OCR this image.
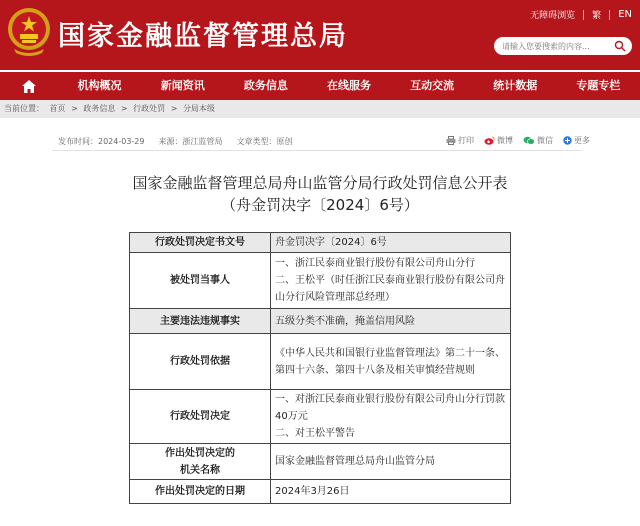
国家金融监督管理总局
无障碍浏览 繁 EN
请输入您要搜索的内容...
机构概况	新闻资讯	政务信息	在线服务	互动交流	统计数据	专题专栏
当前位置： 首页 > 政务信息 > 行政处罚 > 分局本级
发布时间：2024-03-29 来源：浙江监管局 文章类型：原创	打印	微博	微信	更多
国家金融监督管理总局舟山监管分局行政处罚信息公开表
（舟金罚决字〔2024〕6号）
行政处罚决定书文号	舟金罚决字〔2024〕6号
被处罚当事人	一、浙江民泰商业银行股份有限公司舟山分行
二、王松平（时任浙江民泰商业银行股份有限公司舟山分行风险管理部总经理）
主要违法违规事实	五级分类不准确，掩盖信用风险
行政处罚依据	《中华人民共和国银行业监督管理法》第二十一条、第四十六条、第四十八条及相关审慎经营规则
行政处罚决定	一、对浙江民泰商业银行股份有限公司舟山分行罚款40万元
二、对王松平警告
作出处罚决定的
机关名称	国家金融监督管理总局舟山监管分局
作出处罚决定的日期	2024年3月26日
